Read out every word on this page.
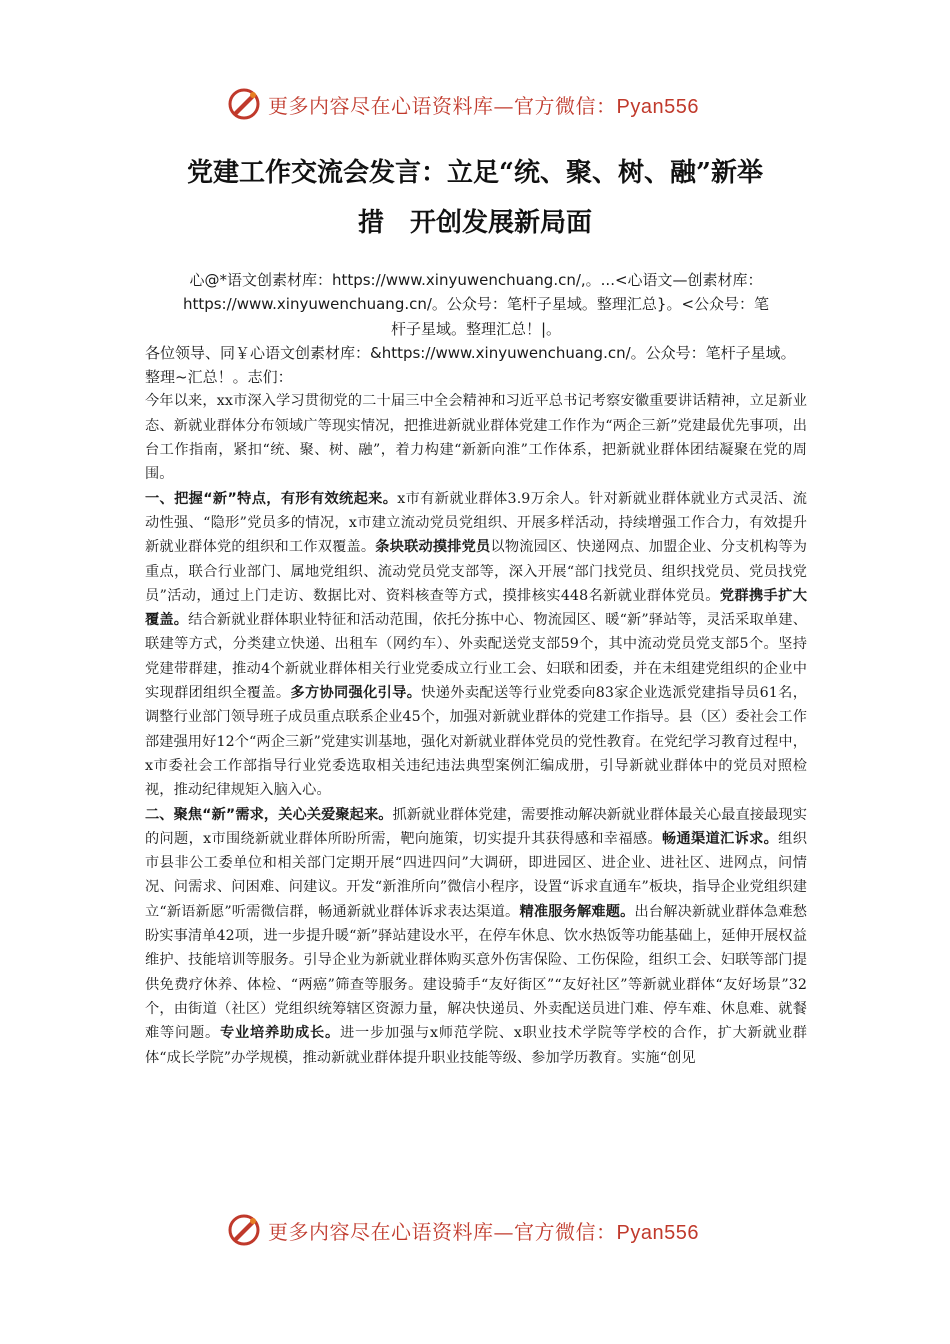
更多内容尽在心语资料库—官方微信：Pyan556
党建工作交流会发言：立足“统、聚、树、融”新举
措　开创发展新局面

心@*语文创素材库：https://www.xinyuwenchuang.cn/,。...<心语文—创素材库：

https://www.xinyuwenchuang.cn/。公众号：笔杆子星域。整理汇总}。<公众号：笔

杆子星域。整理汇总！|。

各位领导、同￥心语文创素材库：&https://www.xinyuwenchuang.cn/。公众号：笔杆子星域。整理~汇总！。志们：

今年以来，xx市深入学习贯彻党的二十届三中全会精神和习近平总书记考察安徽重要讲话精神，立足新业态、新就业群体分布领域广等现实情况，把推进新就业群体党建工作作为“两企三新”党建最优先事项，出台工作指南，紧扣“统、聚、树、融”，着力构建“新新向淮”工作体系，把新就业群体团结凝聚在党的周围。

一、把握“新”特点，有形有效统起来。x市有新就业群体3.9万余人。针对新就业群体就业方式灵活、流动性强、“隐形”党员多的情况，x市建立流动党员党组织、开展多样活动，持续增强工作合力，有效提升新就业群体党的组织和工作双覆盖。条块联动摸排党员以物流园区、快递网点、加盟企业、分支机构等为重点，联合行业部门、属地党组织、流动党员党支部等，深入开展“部门找党员、组织找党员、党员找党员”活动，通过上门走访、数据比对、资料核查等方式，摸排核实448名新就业群体党员。党群携手扩大覆盖。结合新就业群体职业特征和活动范围，依托分拣中心、物流园区、暖“新”驿站等，灵活采取单建、联建等方式，分类建立快递、出租车（网约车）、外卖配送党支部59个，其中流动党员党支部5个。坚持党建带群建，推动4个新就业群体相关行业党委成立行业工会、妇联和团委，并在未组建党组织的企业中实现群团组织全覆盖。多方协同强化引导。快递外卖配送等行业党委向83家企业选派党建指导员61名，调整行业部门领导班子成员重点联系企业45个，加强对新就业群体的党建工作指导。县（区）委社会工作部建强用好12个“两企三新”党建实训基地，强化对新就业群体党员的党性教育。在党纪学习教育过程中，x市委社会工作部指导行业党委选取相关违纪违法典型案例汇编成册，引导新就业群体中的党员对照检视，推动纪律规矩入脑入心。

二、聚焦“新”需求，关心关爱聚起来。抓新就业群体党建，需要推动解决新就业群体最关心最直接最现实的问题，x市围绕新就业群体所盼所需，靶向施策，切实提升其获得感和幸福感。畅通渠道汇诉求。组织市县非公工委单位和相关部门定期开展“四进四问”大调研，即进园区、进企业、进社区、进网点，问情况、问需求、问困难、问建议。开发“新淮所向”微信小程序，设置“诉求直通车”板块，指导企业党组织建立“新语新愿”听需微信群，畅通新就业群体诉求表达渠道。精准服务解难题。出台解决新就业群体急难愁盼实事清单42项，进一步提升暖“新”驿站建设水平，在停车休息、饮水热饭等功能基础上，延伸开展权益维护、技能培训等服务。引导企业为新就业群体购买意外伤害保险、工伤保险，组织工会、妇联等部门提供免费疗休养、体检、“两癌”筛查等服务。建设骑手“友好街区”“友好社区”等新就业群体“友好场景”32个，由街道（社区）党组织统筹辖区资源力量，解决快递员、外卖配送员进门难、停车难、休息难、就餐难等问题。专业培养助成长。进一步加强与x师范学院、x职业技术学院等学校的合作，扩大新就业群体“成长学院”办学规模，推动新就业群体提升职业技能等级、参加学历教育。实施“创见

更多内容尽在心语资料库—官方微信：Pyan556
